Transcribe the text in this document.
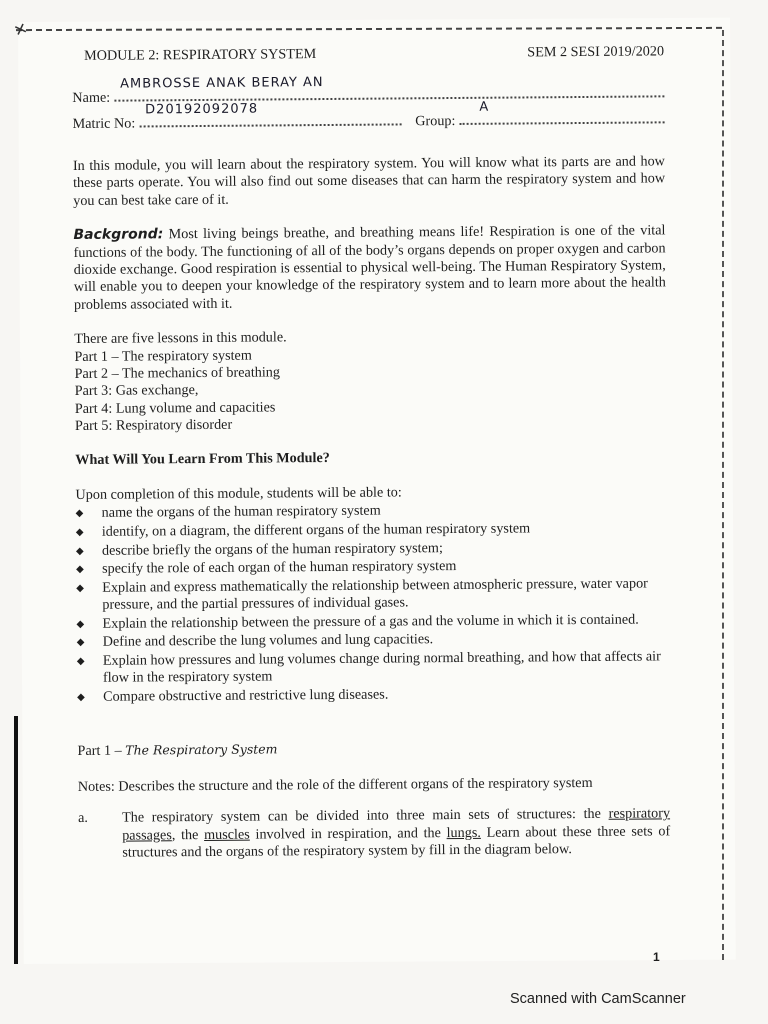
✕
MODULE 2: RESPIRATORY SYSTEM	SEM 2 SESI 2019/2020
Name:
AMBROSSE ANAK BERAY AN
Matric No:
D20192092078
Group:
A

In this module, you will learn about the respiratory system. You will know what its parts are and how these parts operate. You will also find out some diseases that can harm the respiratory system and how you can best take care of it.

Backgrond: Most living beings breathe, and breathing means life! Respiration is one of the vital functions of the body. The functioning of all of the body’s organs depends on proper oxygen and carbon dioxide exchange. Good respiration is essential to physical well-being. The Human Respiratory System, will enable you to deepen your knowledge of the respiratory system and to learn more about the health problems associated with it.

There are five lessons in this module.
Part 1 – The respiratory system
Part 2 – The mechanics of breathing
Part 3: Gas exchange,
Part 4: Lung volume and capacities
Part 5: Respiratory disorder
What Will You Learn From This Module?
Upon completion of this module, students will be able to:
◆ name the organs of the human respiratory system
◆ identify, on a diagram, the different organs of the human respiratory system
◆ describe briefly the organs of the human respiratory system;
◆ specify the role of each organ of the human respiratory system
◆ Explain and express mathematically the relationship between atmospheric pressure, water vapor pressure, and the partial pressures of individual gases.
◆ Explain the relationship between the pressure of a gas and the volume in which it is contained.
◆ Define and describe the lung volumes and lung capacities.
◆ Explain how pressures and lung volumes change during normal breathing, and how that affects air flow in the respiratory system
◆ Compare obstructive and restrictive lung diseases.
Part 1 – The Respiratory System
Notes: Describes the structure and the role of the different organs of the respiratory system
a.	The respiratory system can be divided into three main sets of structures: the respiratory passages, the muscles involved in respiration, and the lungs. Learn about these three sets of structures and the organs of the respiratory system by fill in the diagram below.
1
Scanned with CamScanner
